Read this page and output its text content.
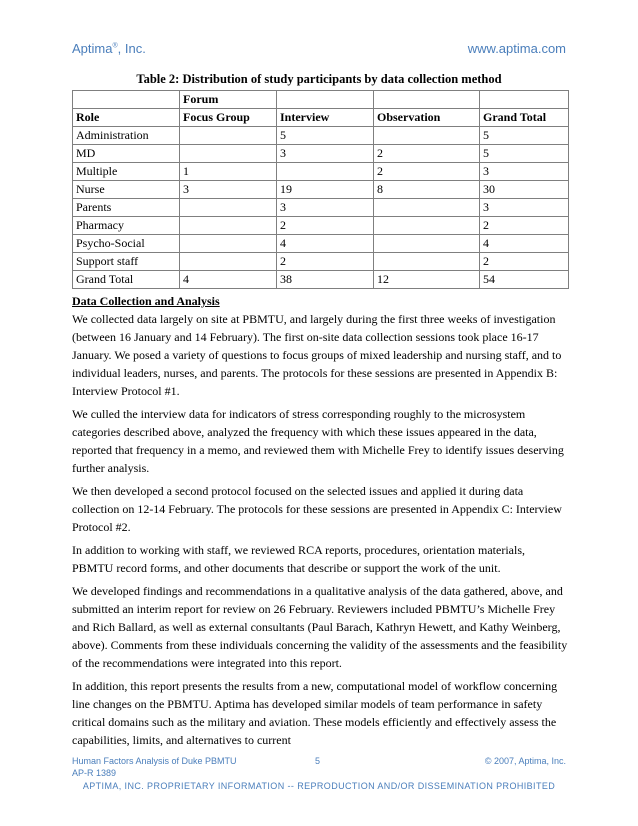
Aptima®, Inc.	www.aptima.com
Table 2: Distribution of study participants by data collection method
	Forum			
Role	Focus Group	Interview	Observation	Grand Total
Administration		5		5
MD		3	2	5
Multiple	1		2	3
Nurse	3	19	8	30
Parents		3		3
Pharmacy		2		2
Psycho-Social		4		4
Support staff		2		2
Grand Total	4	38	12	54
Data Collection and Analysis

We collected data largely on site at PBMTU, and largely during the first three weeks of investigation (between 16 January and 14 February). The first on-site data collection sessions took place 16-17 January. We posed a variety of questions to focus groups of mixed leadership and nursing staff, and to individual leaders, nurses, and parents. The protocols for these sessions are presented in Appendix B: Interview Protocol #1.

We culled the interview data for indicators of stress corresponding roughly to the microsystem categories described above, analyzed the frequency with which these issues appeared in the data, reported that frequency in a memo, and reviewed them with Michelle Frey to identify issues deserving further analysis.

We then developed a second protocol focused on the selected issues and applied it during data collection on 12-14 February. The protocols for these sessions are presented in Appendix C: Interview Protocol #2.

In addition to working with staff, we reviewed RCA reports, procedures, orientation materials, PBMTU record forms, and other documents that describe or support the work of the unit.

We developed findings and recommendations in a qualitative analysis of the data gathered, above, and submitted an interim report for review on 26 February. Reviewers included PBMTU’s Michelle Frey and Rich Ballard, as well as external consultants (Paul Barach, Kathryn Hewett, and Kathy Weinberg, above). Comments from these individuals concerning the validity of the assessments and the feasibility of the recommendations were integrated into this report.

In addition, this report presents the results from a new, computational model of workflow concerning line changes on the PBMTU. Aptima has developed similar models of team performance in safety critical domains such as the military and aviation. These models efficiently and effectively assess the capabilities, limits, and alternatives to current

Human Factors Analysis of Duke PBMTU	5	© 2007, Aptima, Inc.
AP-R 1389
APTIMA, INC. PROPRIETARY INFORMATION -- REPRODUCTION AND/OR DISSEMINATION PROHIBITED
